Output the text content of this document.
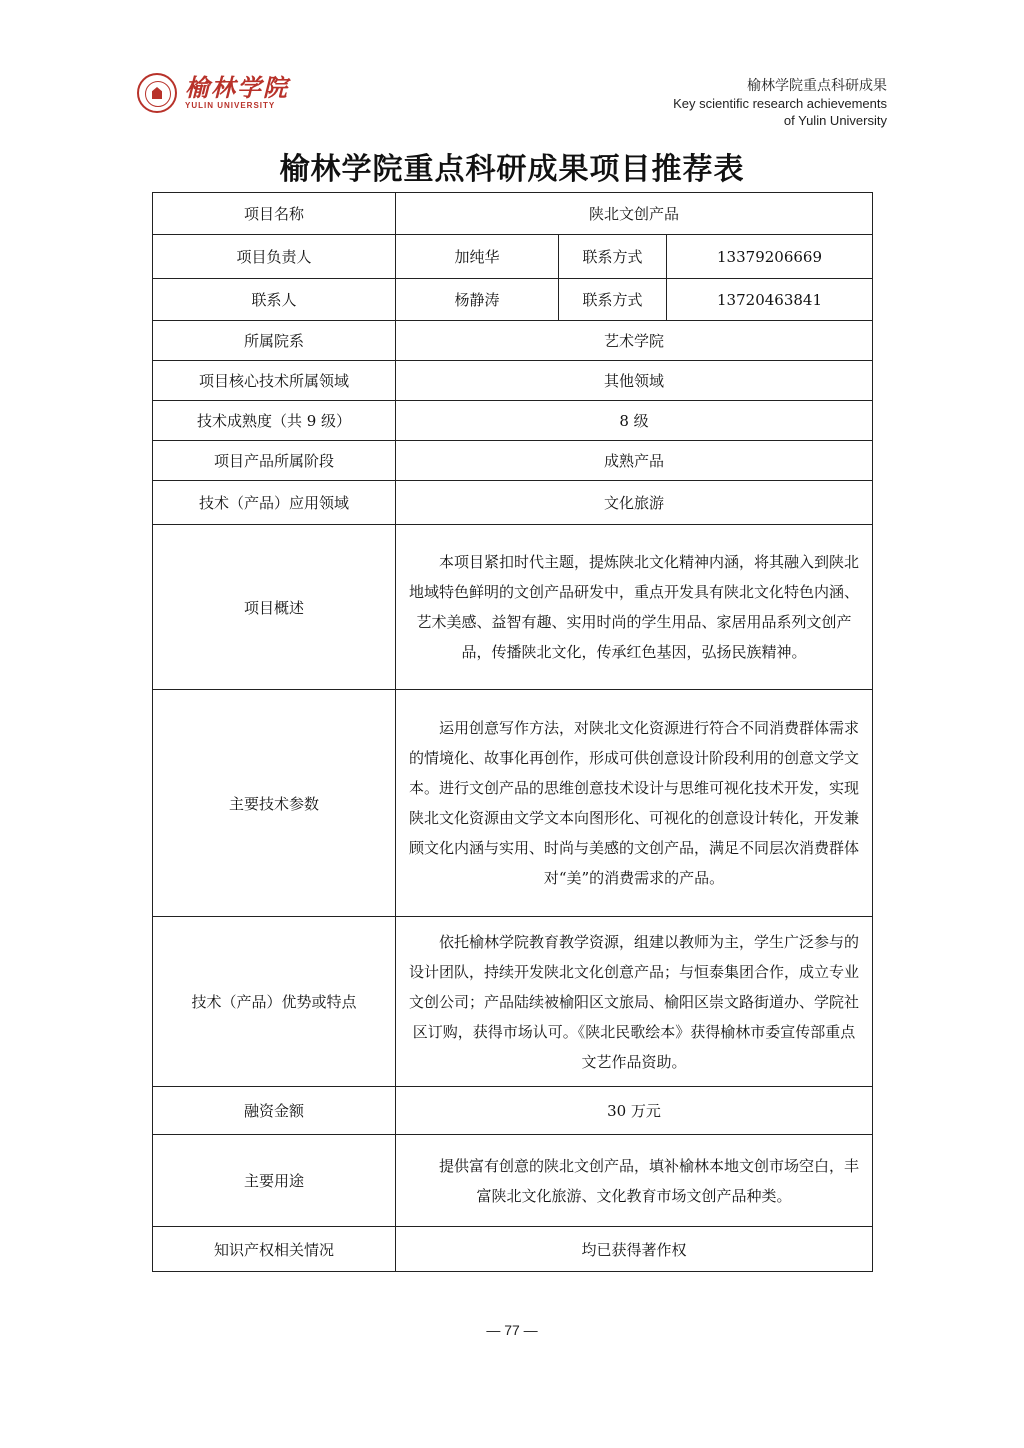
榆林学院
YULIN UNIVERSITY
榆林学院重点科研成果
Key scientific research achievements
of Yulin University
榆林学院重点科研成果项目推荐表
项目名称	陕北文创产品		
项目负责人	加纯华	联系方式	13379206669
联系人	杨静涛	联系方式	13720463841
所属院系	艺术学院		
项目核心技术所属领域	其他领域		
技术成熟度（共 9 级）	8 级		
项目产品所属阶段	成熟产品		
技术（产品）应用领域	文化旅游		
项目概述	本项目紧扣时代主题，提炼陕北文化精神内涵，将其融入到陕北地域特色鲜明的文创产品研发中，重点开发具有陕北文化特色内涵、艺术美感、益智有趣、实用时尚的学生用品、家居用品系列文创产品，传播陕北文化，传承红色基因，弘扬民族精神。		
主要技术参数	运用创意写作方法，对陕北文化资源进行符合不同消费群体需求的情境化、故事化再创作，形成可供创意设计阶段利用的创意文学文本。进行文创产品的思维创意技术设计与思维可视化技术开发，实现陕北文化资源由文学文本向图形化、可视化的创意设计转化，开发兼顾文化内涵与实用、时尚与美感的文创产品，满足不同层次消费群体对“美”的消费需求的产品。		
技术（产品）优势或特点	依托榆林学院教育教学资源，组建以教师为主，学生广泛参与的设计团队，持续开发陕北文化创意产品；与恒泰集团合作，成立专业文创公司；产品陆续被榆阳区文旅局、榆阳区崇文路街道办、学院社区订购，获得市场认可。《陕北民歌绘本》获得榆林市委宣传部重点文艺作品资助。		
融资金额	30 万元		
主要用途	提供富有创意的陕北文创产品，填补榆林本地文创市场空白，丰富陕北文化旅游、文化教育市场文创产品种类。		
知识产权相关情况	均已获得著作权		
— 77 —
